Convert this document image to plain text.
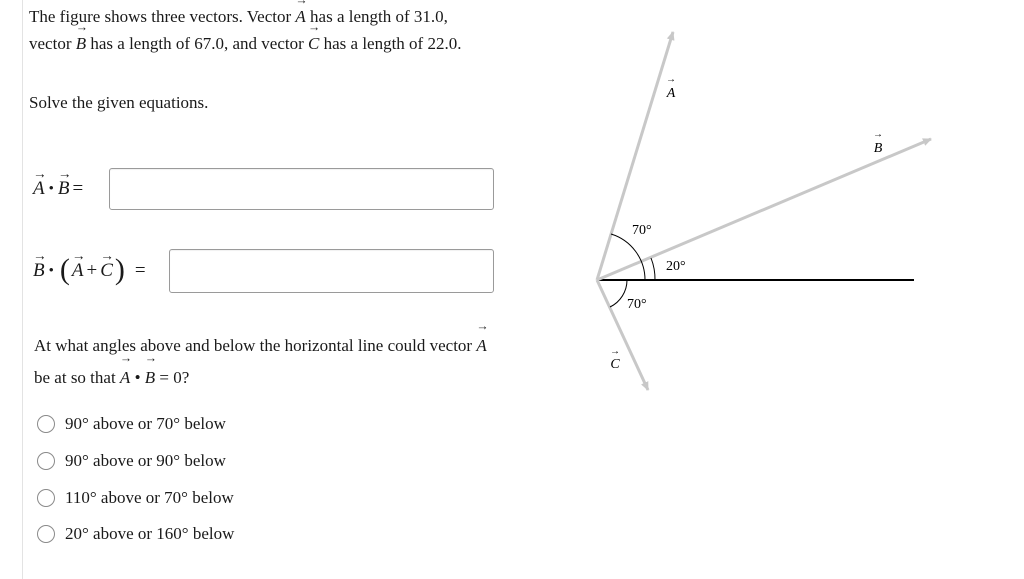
The figure shows three vectors. Vector → A has a length of 31.0, vector → B has a length of 67.0, and vector → C has a length of 22.0.

Solve the given equations.

→ A • → B =
→ B • ( → A + → C ) =

At what angles above and below the horizontal line could vector → A be at so that → A • → B = 0?

90° above or 70° below
90° above or 90° below
110° above or 70° below
20° above or 160° below
70°
20°
70°
→
A
→
B
→
C
